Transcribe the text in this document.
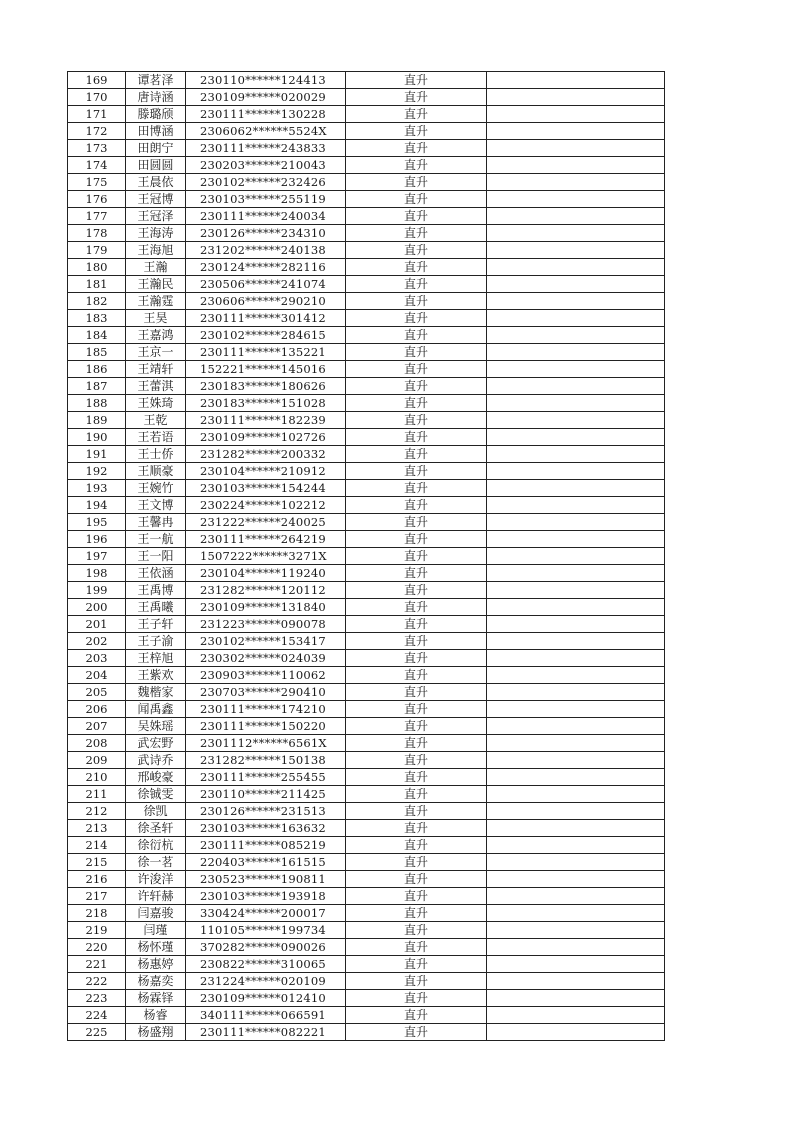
169	谭茗泽	230110******124413	直升	
170	唐诗涵	230109******020029	直升	
171	滕璐颀	230111******130228	直升	
172	田博涵	2306062******5524X	直升	
173	田朗宁	230111******243833	直升	
174	田圆圆	230203******210043	直升	
175	王晨依	230102******232426	直升	
176	王冠博	230103******255119	直升	
177	王冠泽	230111******240034	直升	
178	王海涛	230126******234310	直升	
179	王海旭	231202******240138	直升	
180	王瀚	230124******282116	直升	
181	王瀚民	230506******241074	直升	
182	王瀚霆	230606******290210	直升	
183	王昊	230111******301412	直升	
184	王嘉鸿	230102******284615	直升	
185	王京一	230111******135221	直升	
186	王靖轩	152221******145016	直升	
187	王蕾淇	230183******180626	直升	
188	王姝琦	230183******151028	直升	
189	王乾	230111******182239	直升	
190	王若语	230109******102726	直升	
191	王士侨	231282******200332	直升	
192	王顺豪	230104******210912	直升	
193	王婉竹	230103******154244	直升	
194	王文博	230224******102212	直升	
195	王馨冉	231222******240025	直升	
196	王一航	230111******264219	直升	
197	王一阳	1507222******3271X	直升	
198	王依涵	230104******119240	直升	
199	王禹博	231282******120112	直升	
200	王禹曦	230109******131840	直升	
201	王子轩	231223******090078	直升	
202	王子渝	230102******153417	直升	
203	王梓旭	230302******024039	直升	
204	王紫欢	230903******110062	直升	
205	魏楷家	230703******290410	直升	
206	闻禹鑫	230111******174210	直升	
207	吴姝瑶	230111******150220	直升	
208	武宏野	2301112******6561X	直升	
209	武诗乔	231282******150138	直升	
210	邢峻豪	230111******255455	直升	
211	徐铖雯	230110******211425	直升	
212	徐凯	230126******231513	直升	
213	徐圣轩	230103******163632	直升	
214	徐衍杭	230111******085219	直升	
215	徐一茗	220403******161515	直升	
216	许浚洋	230523******190811	直升	
217	许轩赫	230103******193918	直升	
218	闫嘉骏	330424******200017	直升	
219	闫瑾	110105******199734	直升	
220	杨怀瑾	370282******090026	直升	
221	杨惠婷	230822******310065	直升	
222	杨嘉奕	231224******020109	直升	
223	杨霖铎	230109******012410	直升	
224	杨睿	340111******066591	直升	
225	杨盛翔	230111******082221	直升	
